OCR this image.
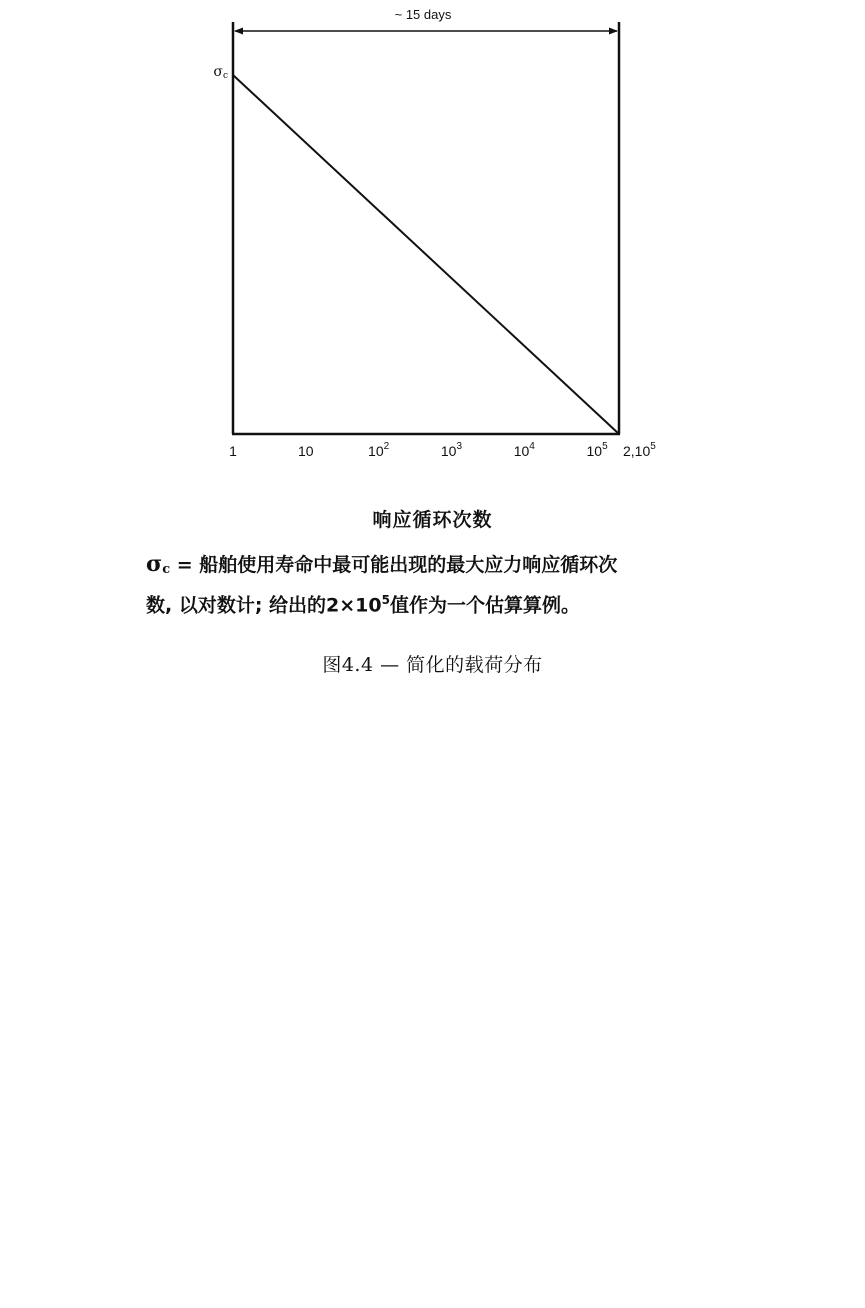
1	10	$10^2$	$10^3$	$10^4$	$10^5$ 2,10$^5$
σc
~ 15 days
响应循环次数
$\sigma_c$ = 船舶使用寿命中最可能出现的最大应力响应循环次
数, 以对数计; 给出的$2\times 10^5$值作为一个估算算例。
图4.4 — 简化的载荷分布
